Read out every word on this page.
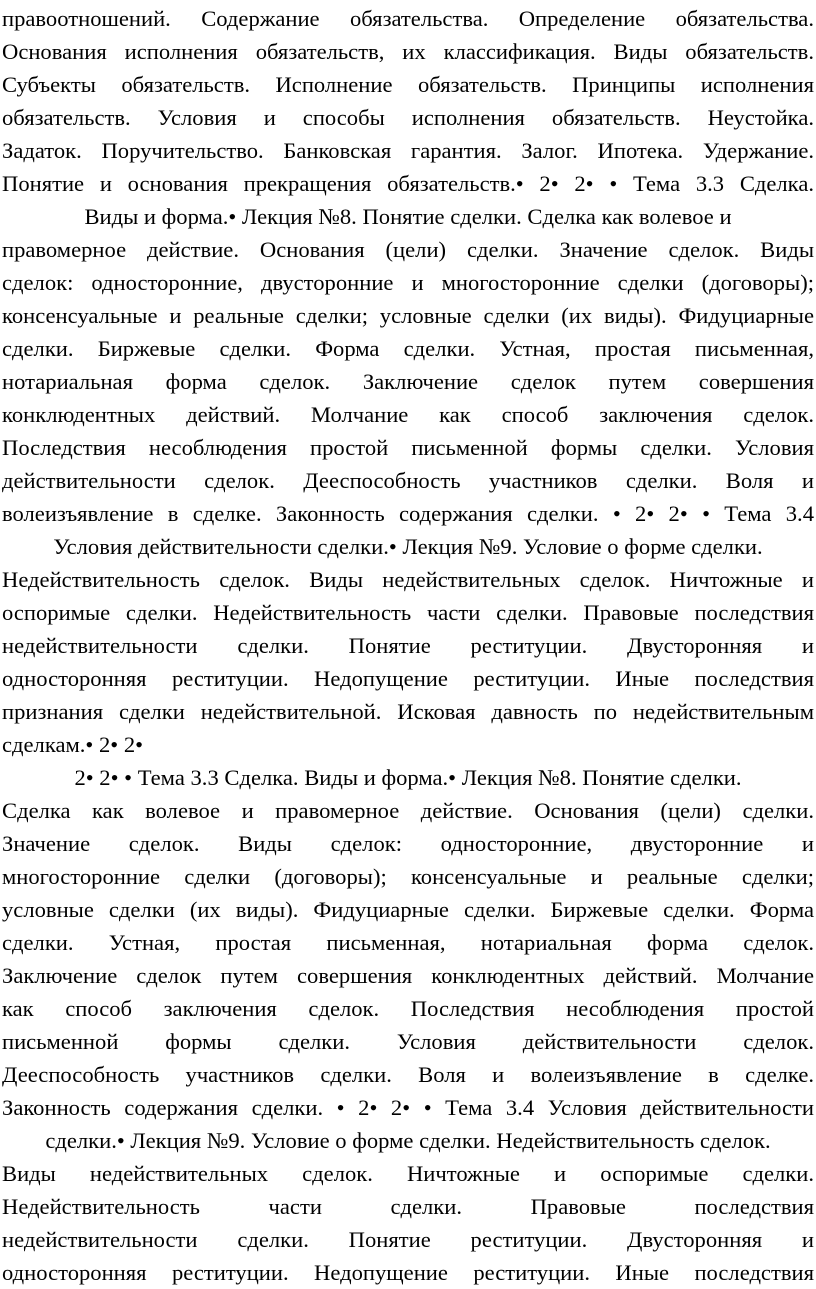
правоотношений. Содержание обязательства. Определение обязательства.
Основания исполнения обязательств, их классификация. Виды обязательств.
Субъекты обязательств. Исполнение обязательств. Принципы исполнения
обязательств. Условия и способы исполнения обязательств. Неустойка.
Задаток. Поручительство. Банковская гарантия. Залог. Ипотека. Удержание.
Понятие и основания прекращения обязательств.• 2• 2• • Тема 3.3 Сделка.
Виды и форма.• Лекция №8. Понятие сделки. Сделка как волевое и
правомерное действие. Основания (цели) сделки. Значение сделок. Виды
сделок: односторонние, двусторонние и многосторонние сделки (договоры);
консенсуальные и реальные сделки; условные сделки (их виды). Фидуциарные
сделки. Биржевые сделки. Форма сделки. Устная, простая письменная,
нотариальная форма сделок. Заключение сделок путем совершения
конклюдентных действий. Молчание как способ заключения сделок.
Последствия несоблюдения простой письменной формы сделки. Условия
действительности сделок. Дееспособность участников сделки. Воля и
волеизъявление в сделке. Законность содержания сделки. • 2• 2• • Тема 3.4
Условия действительности сделки.• Лекция №9. Условие о форме сделки.
Недействительность сделок. Виды недействительных сделок. Ничтожные и
оспоримые сделки. Недействительность части сделки. Правовые последствия
недействительности сделки. Понятие реституции. Двусторонняя и
односторонняя реституции. Недопущение реституции. Иные последствия
признания сделки недействительной. Исковая давность по недействительным
сделкам.• 2• 2•
2• 2• • Тема 3.3 Сделка. Виды и форма.• Лекция №8. Понятие сделки.
Сделка как волевое и правомерное действие. Основания (цели) сделки.
Значение сделок. Виды сделок: односторонние, двусторонние и
многосторонние сделки (договоры); консенсуальные и реальные сделки;
условные сделки (их виды). Фидуциарные сделки. Биржевые сделки. Форма
сделки. Устная, простая письменная, нотариальная форма сделок.
Заключение сделок путем совершения конклюдентных действий. Молчание
как способ заключения сделок. Последствия несоблюдения простой
письменной формы сделки. Условия действительности сделок.
Дееспособность участников сделки. Воля и волеизъявление в сделке.
Законность содержания сделки. • 2• 2• • Тема 3.4 Условия действительности
сделки.• Лекция №9. Условие о форме сделки. Недействительность сделок.
Виды недействительных сделок. Ничтожные и оспоримые сделки.
Недействительность части сделки. Правовые последствия
недействительности сделки. Понятие реституции. Двусторонняя и
односторонняя реституции. Недопущение реституции. Иные последствия
